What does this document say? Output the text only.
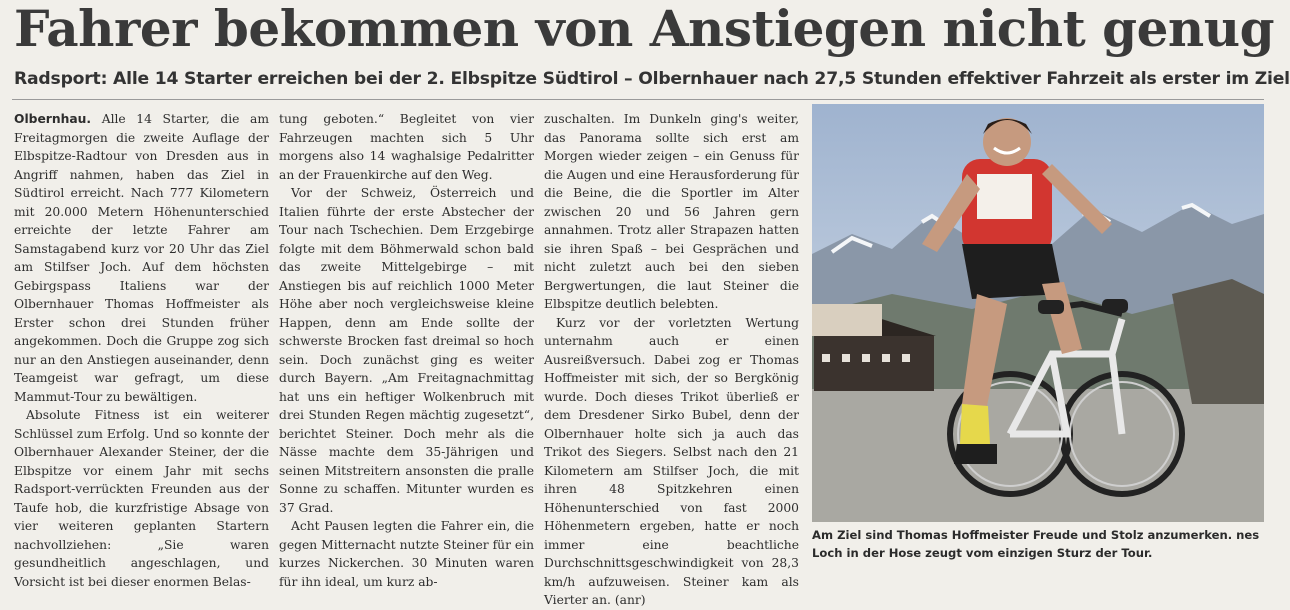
Fahrer bekommen von Anstiegen nicht genug
Radsport: Alle 14 Starter erreichen bei der 2. Elbspitze Südtirol – Olbernhauer nach 27,5 Stunden effektiver Fahrzeit als erster im Ziel

Olbernhau. Alle 14 Starter, die am Freitagmorgen die zweite Auflage der Elbspitze-Radtour von Dresden aus in Angriff nahmen, haben das Ziel in Südtirol erreicht. Nach 777 Kilometern mit 20.000 Metern Höhenunterschied erreichte der letzte Fahrer am Samstagabend kurz vor 20 Uhr das Ziel am Stilfser Joch. Auf dem höchsten Gebirgspass Italiens war der Olbernhauer Thomas Hoffmeister als Erster schon drei Stunden früher angekommen. Doch die Gruppe zog sich nur an den Anstiegen auseinander, denn Teamgeist war gefragt, um diese Mammut-Tour zu bewältigen.

Absolute Fitness ist ein weiterer Schlüssel zum Erfolg. Und so konnte der Olbernhauer Alexander Steiner, der die Elbspitze vor einem Jahr mit sechs Radsport-verrückten Freunden aus der Taufe hob, die kurzfristige Absage von vier weiteren geplanten Startern nachvollziehen: „Sie waren gesundheitlich angeschlagen, und Vorsicht ist bei dieser enormen Belas-

tung geboten.“ Begleitet von vier Fahrzeugen machten sich 5 Uhr morgens also 14 waghalsige Pedalritter an der Frauenkirche auf den Weg.

Vor der Schweiz, Österreich und Italien führte der erste Abstecher der Tour nach Tschechien. Dem Erzgebirge folgte mit dem Böhmerwald schon bald das zweite Mittelgebirge – mit Anstiegen bis auf reichlich 1000 Meter Höhe aber noch vergleichsweise kleine Happen, denn am Ende sollte der schwerste Brocken fast dreimal so hoch sein. Doch zunächst ging es weiter durch Bayern. „Am Freitagnachmittag hat uns ein heftiger Wolkenbruch mit drei Stunden Regen mächtig zugesetzt“, berichtet Steiner. Doch mehr als die Nässe machte dem 35-Jährigen und seinen Mitstreitern ansonsten die pralle Sonne zu schaffen. Mitunter wurden es 37 Grad.

Acht Pausen legten die Fahrer ein, die gegen Mitternacht nutzte Steiner für ein kurzes Nickerchen. 30 Minuten waren für ihn ideal, um kurz ab-

zuschalten. Im Dunkeln ging's weiter, das Panorama sollte sich erst am Morgen wieder zeigen – ein Genuss für die Augen und eine Herausforderung für die Beine, die die Sportler im Alter zwischen 20 und 56 Jahren gern annahmen. Trotz aller Strapazen hatten sie ihren Spaß – bei Gesprächen und nicht zuletzt auch bei den sieben Bergwertungen, die laut Steiner die Elbspitze deutlich belebten.

Kurz vor der vorletzten Wertung unternahm auch er einen Ausreißversuch. Dabei zog er Thomas Hoffmeister mit sich, der so Bergkönig wurde. Doch dieses Trikot überließ er dem Dresdener Sirko Bubel, denn der Olbernhauer holte sich ja auch das Trikot des Siegers. Selbst nach den 21 Kilometern am Stilfser Joch, die mit ihren 48 Spitzkehren einen Höhenunterschied von fast 2000 Höhenmetern ergeben, hatte er noch immer eine beachtliche Durchschnittsgeschwindigkeit von 28,3 km/h aufzuweisen. Steiner kam als Vierter an. (anr)

Am Ziel sind Thomas Hoffmeister Freude und Stolz anzumerken. nes Loch in der Hose zeugt vom einzigen Sturz der Tour.
